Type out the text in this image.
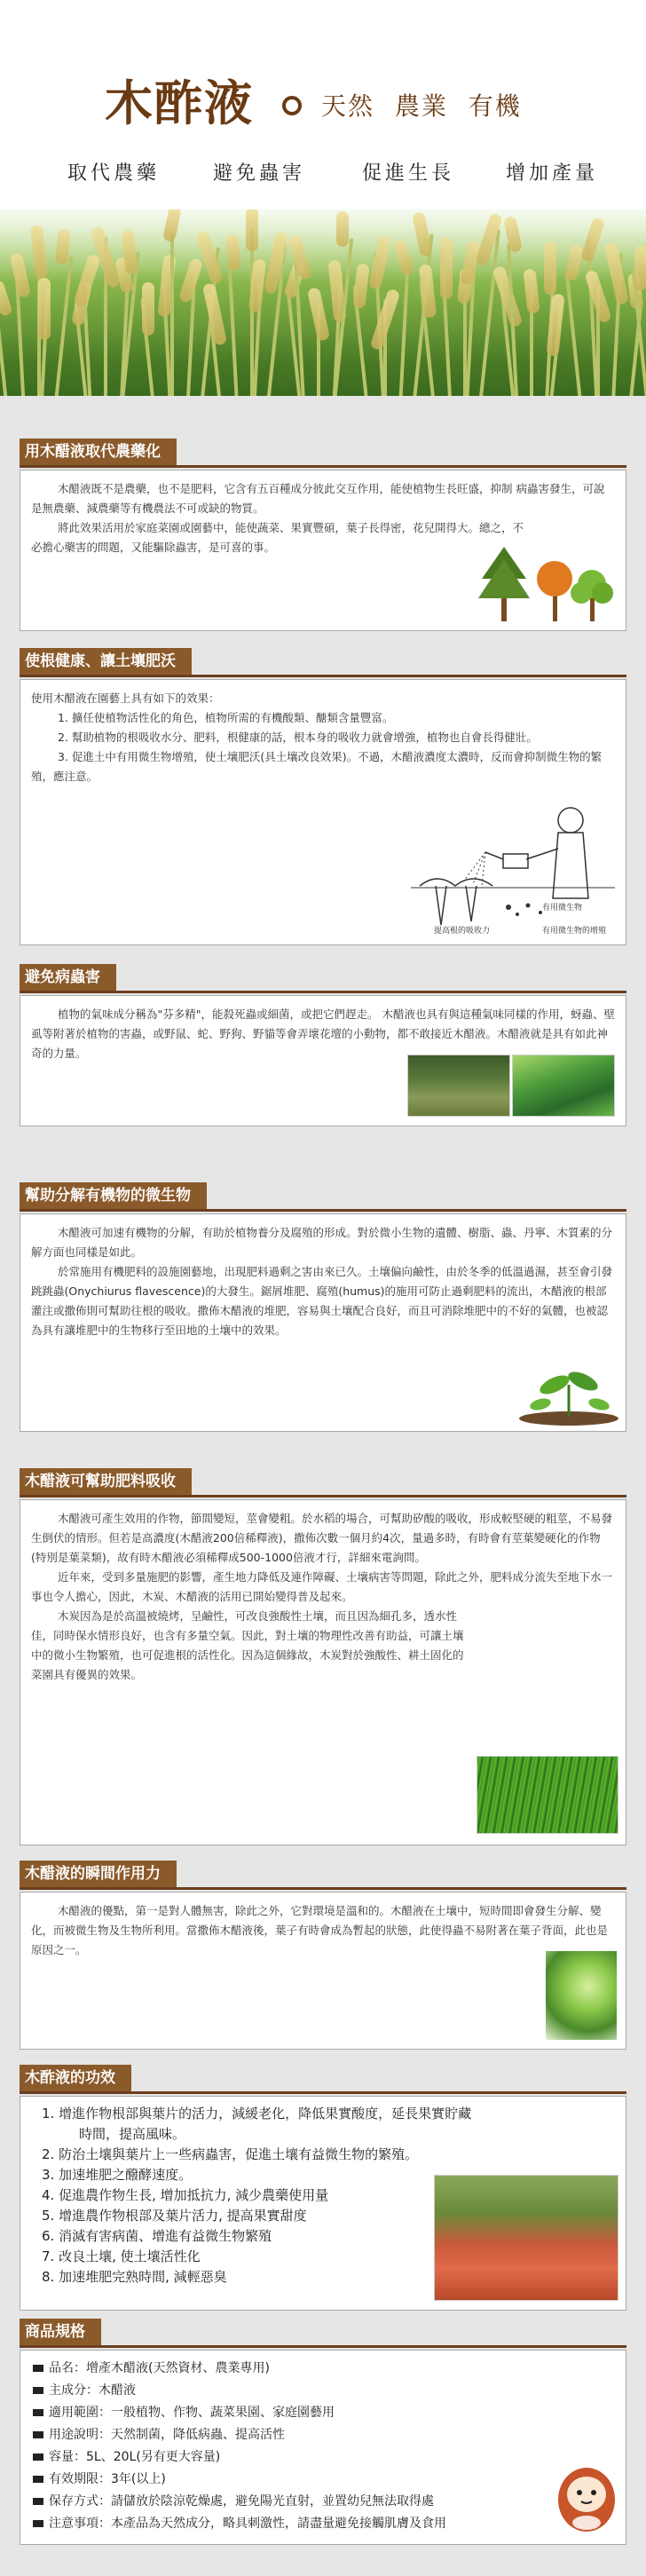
木酢液	天然 農業 有機
取代農藥	避免蟲害	促進生長	增加產量
用木醋液取代農藥化

木醋液既不是農藥，也不是肥料，它含有五百種成分彼此交互作用，能使植物生長旺盛，抑制 病蟲害發生，可說是無農藥、減農藥等有機農法不可或缺的物質。

將此效果活用於家庭菜園或園藝中，能使蔬菜、果實豐碩，葉子長得密，花兒開得大。總之，不必擔心藥害的問題，又能驅除蟲害，是可喜的事。

使根健康、讓土壤肥沃

使用木醋液在園藝上具有如下的效果：

1. 擴任使植物活性化的角色，植物所需的有機酸類、醣類含量豐富。

2. 幫助植物的根吸收水分、肥料，根健康的話，根本身的吸收力就會增強，植物也自會長得健壯。

3. 促進土中有用微生物增殖，使土壤肥沃(具土壤改良效果)。不過，木醋液濃度太濃時，反而會抑制微生物的繁殖，應注意。

有用微生物
提高根的吸收力	有用微生物的增殖
避免病蟲害

植物的氣味成分稱為"芬多精"，能殺死蟲或細菌，或把它們趕走。 木醋液也具有與這種氣味同樣的作用，蚜蟲、壁虱等附著於植物的害蟲，或野鼠、蛇、野狗、野貓等會弄壞花壇的小動物，都不敢接近木醋液。木醋液就是具有如此神奇的力量。

幫助分解有機物的微生物

木醋液可加速有機物的分解，有助於植物養分及腐殖的形成。對於微小生物的遺體、樹脂、蟲、丹寧、木質素的分解方面也同樣是如此。

於常施用有機肥料的設施園藝地，出現肥料過剩之害由來已久。土壤偏向鹼性，由於冬季的低溫過濕，甚至會引發跳跳蟲(Onychiurus flavescence)的大發生。鋸屑堆肥、腐殖(humus)的施用可防止過剩肥料的流出，木醋液的根部灌注或撒佈則可幫助往根的吸收。撒佈木醋液的堆肥，容易與土壤配合良好，而且可消除堆肥中的不好的氣體，也被認為具有讓堆肥中的生物移行至田地的土壤中的效果。

木醋液可幫助肥料吸收

木醋液可產生效用的作物，節間變短，莖會變粗。於水稻的場合，可幫助矽酸的吸收，形成較堅硬的粗莖，不易發生倒伏的情形。但若是高濃度(木醋液200倍稀釋液)，撒佈次數一個月約4次，量過多時，有時會有莖葉變硬化的作物(特別是葉菜類)，故有時木醋液必須稀釋成500-1000倍液才行，詳細來電詢問。

近年來，受到多量施肥的影響，產生地力降低及連作障礙、土壤病害等問題，除此之外，肥料成分流失至地下水一事也令人擔心，因此，木炭、木醋液的活用已開始變得普及起來。

木炭因為是於高溫被燒烤，呈鹼性，可改良強酸性土壤，而且因為細孔多，透水性佳，同時保水情形良好，也含有多量空氣。因此，對土壤的物理性改善有助益，可讓土壤中的微小生物繁殖，也可促進根的活性化。因為這個緣故，木炭對於強酸性、耕土固化的菜園具有優異的效果。

木醋液的瞬間作用力

木醋液的優點，第一是對人體無害，除此之外，它對環境是溫和的。木醋液在土壤中，短時間即會發生分解、變化，而被微生物及生物所利用。當撒佈木醋液後，葉子有時會成為暫起的狀態，此使得蟲不易附著在葉子背面，此也是原因之一。

木酢液的功效
1. 增進作物根部與葉片的活力，減緩老化，降低果實酸度，延長果實貯藏
時間，提高風味。
2. 防治土壤與葉片上一些病蟲害，促進土壤有益微生物的繁殖。
3. 加速堆肥之醱酵速度。
4. 促進農作物生長, 增加抵抗力, 減少農藥使用量
5. 增進農作物根部及葉片活力, 提高果實甜度
6. 消滅有害病菌、增進有益微生物繁殖
7. 改良土壤, 使土壤活性化
8. 加速堆肥完熟時間, 減輕惡臭
商品規格
品名：增產木醋液(天然資材、農業專用)
主成分：木醋液
適用範圍：一般植物、作物、蔬菜果園、家庭園藝用
用途說明：天然制菌，降低病蟲、提高活性
容量：5L、20L(另有更大容量)
有效期限：3年(以上)
保存方式：請儲放於陰涼乾燥處，避免陽光直射，並置幼兒無法取得處
注意事項：本產品為天然成分，略具刺激性，請盡量避免接觸肌膚及食用
